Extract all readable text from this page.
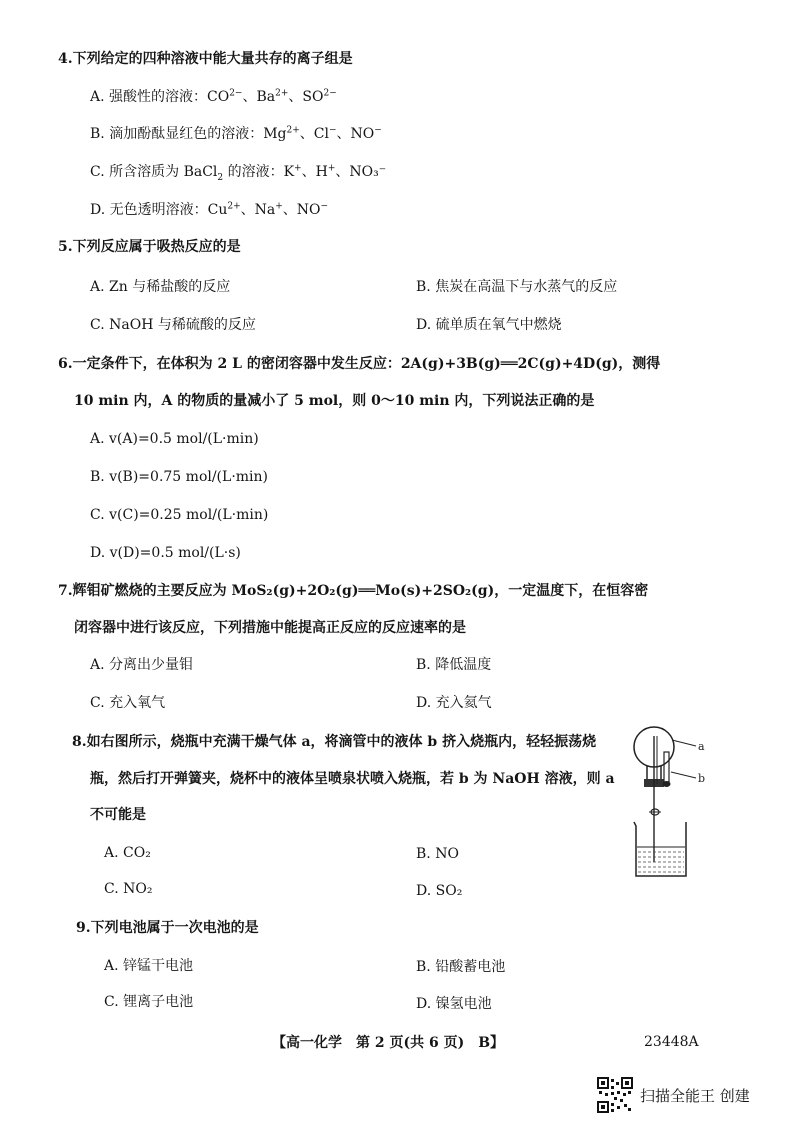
4.下列给定的四种溶液中能大量共存的离子组是
A. 强酸性的溶液：$CO^{2-}$、$Ba^{2+}$、$SO^{2-}$
B. 滴加酚酞显红色的溶液：$Mg^{2+}$、Cl−、NO−
C. 所含溶质为 BaCl$_2$ 的溶液：K+、H+、NO₃⁻
D. 无色透明溶液：$Cu^{2+}$、Na+、NO−
5.下列反应属于吸热反应的是
A. Zn 与稀盐酸的反应	B. 焦炭在高温下与水蒸气的反应
C. NaOH 与稀硫酸的反应	D. 硫单质在氧气中燃烧
6.一定条件下，在体积为 2 L 的密闭容器中发生反应：2A(g)+3B(g)══2C(g)+4D(g)，测得
10 min 内，A 的物质的量减小了 5 mol，则 0～10 min 内，下列说法正确的是
A. v(A)=0.5 mol/(L·min)
B. v(B)=0.75 mol/(L·min)
C. v(C)=0.25 mol/(L·min)
D. v(D)=0.5 mol/(L·s)
7.辉钼矿燃烧的主要反应为 MoS₂(g)+2O₂(g)══Mo(s)+2SO₂(g)，一定温度下，在恒容密
闭容器中进行该反应，下列措施中能提高正反应的反应速率的是
A. 分离出少量钼	B. 降低温度
C. 充入氧气	D. 充入氦气
8.如右图所示，烧瓶中充满干燥气体 a，将滴管中的液体 b 挤入烧瓶内，轻轻振荡烧
瓶，然后打开弹簧夹，烧杯中的液体呈喷泉状喷入烧瓶，若 b 为 NaOH 溶液，则 a
不可能是
A. CO₂	B. NO
C. NO₂	D. SO₂
a
b
9.下列电池属于一次电池的是
A. 锌锰干电池	B. 铅酸蓄电池
C. 锂离子电池	D. 镍氢电池
【高一化学　第 2 页(共 6 页)　B】	23448A
扫描全能王 创建
